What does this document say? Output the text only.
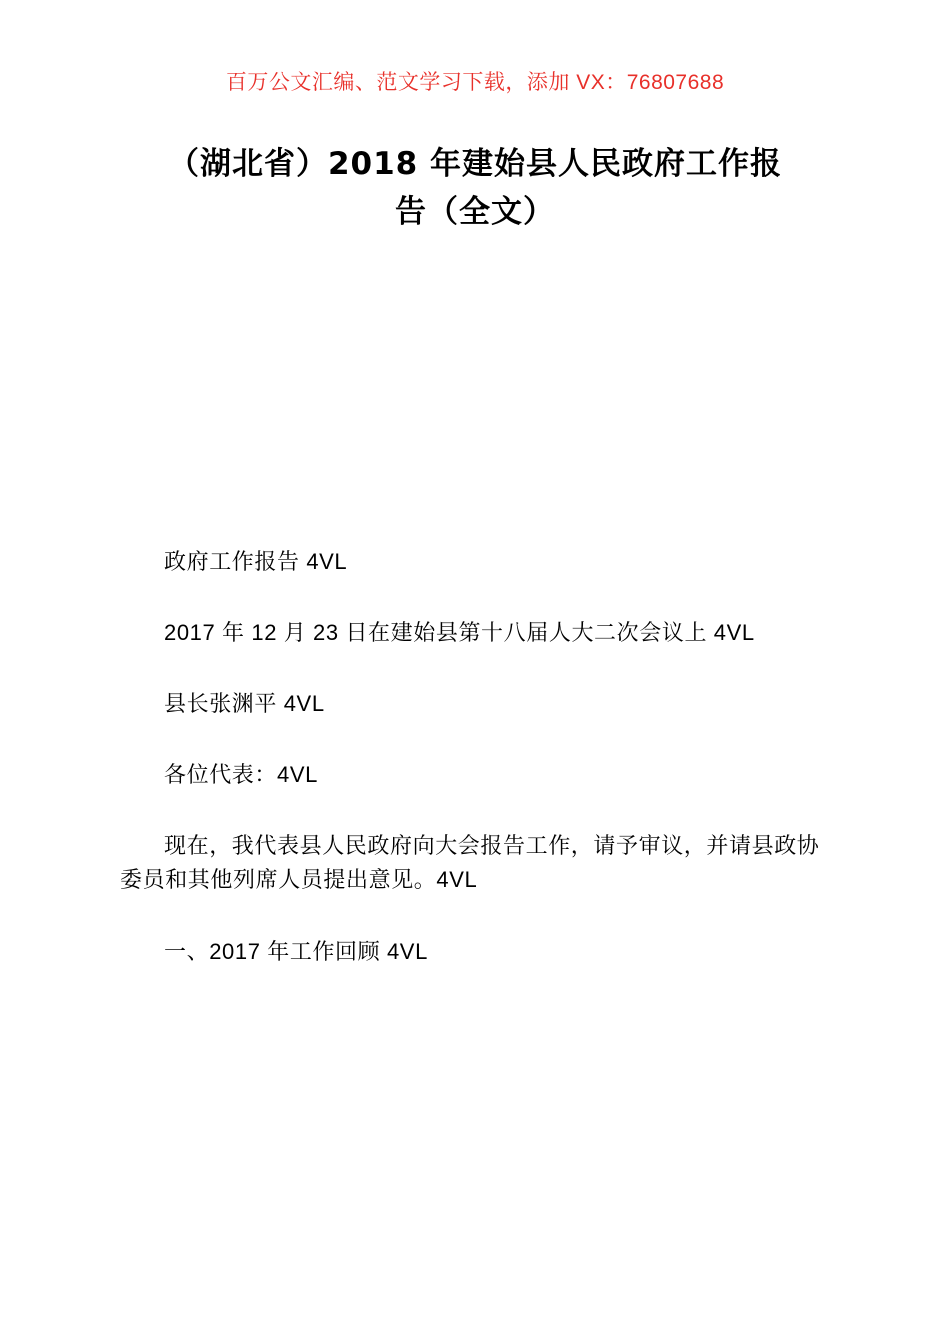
百万公文汇编、范文学习下载，添加 VX：76807688
（湖北省）2018 年建始县人民政府工作报 告（全文）

政府工作报告 4VL

2017 年 12 月 23 日在建始县第十八届人大二次会议上 4VL

县长张渊平 4VL

各位代表：4VL

现在，我代表县人民政府向大会报告工作，请予审议，并请县政协委员和其他列席人员提出意见。4VL

一、2017 年工作回顾 4VL
